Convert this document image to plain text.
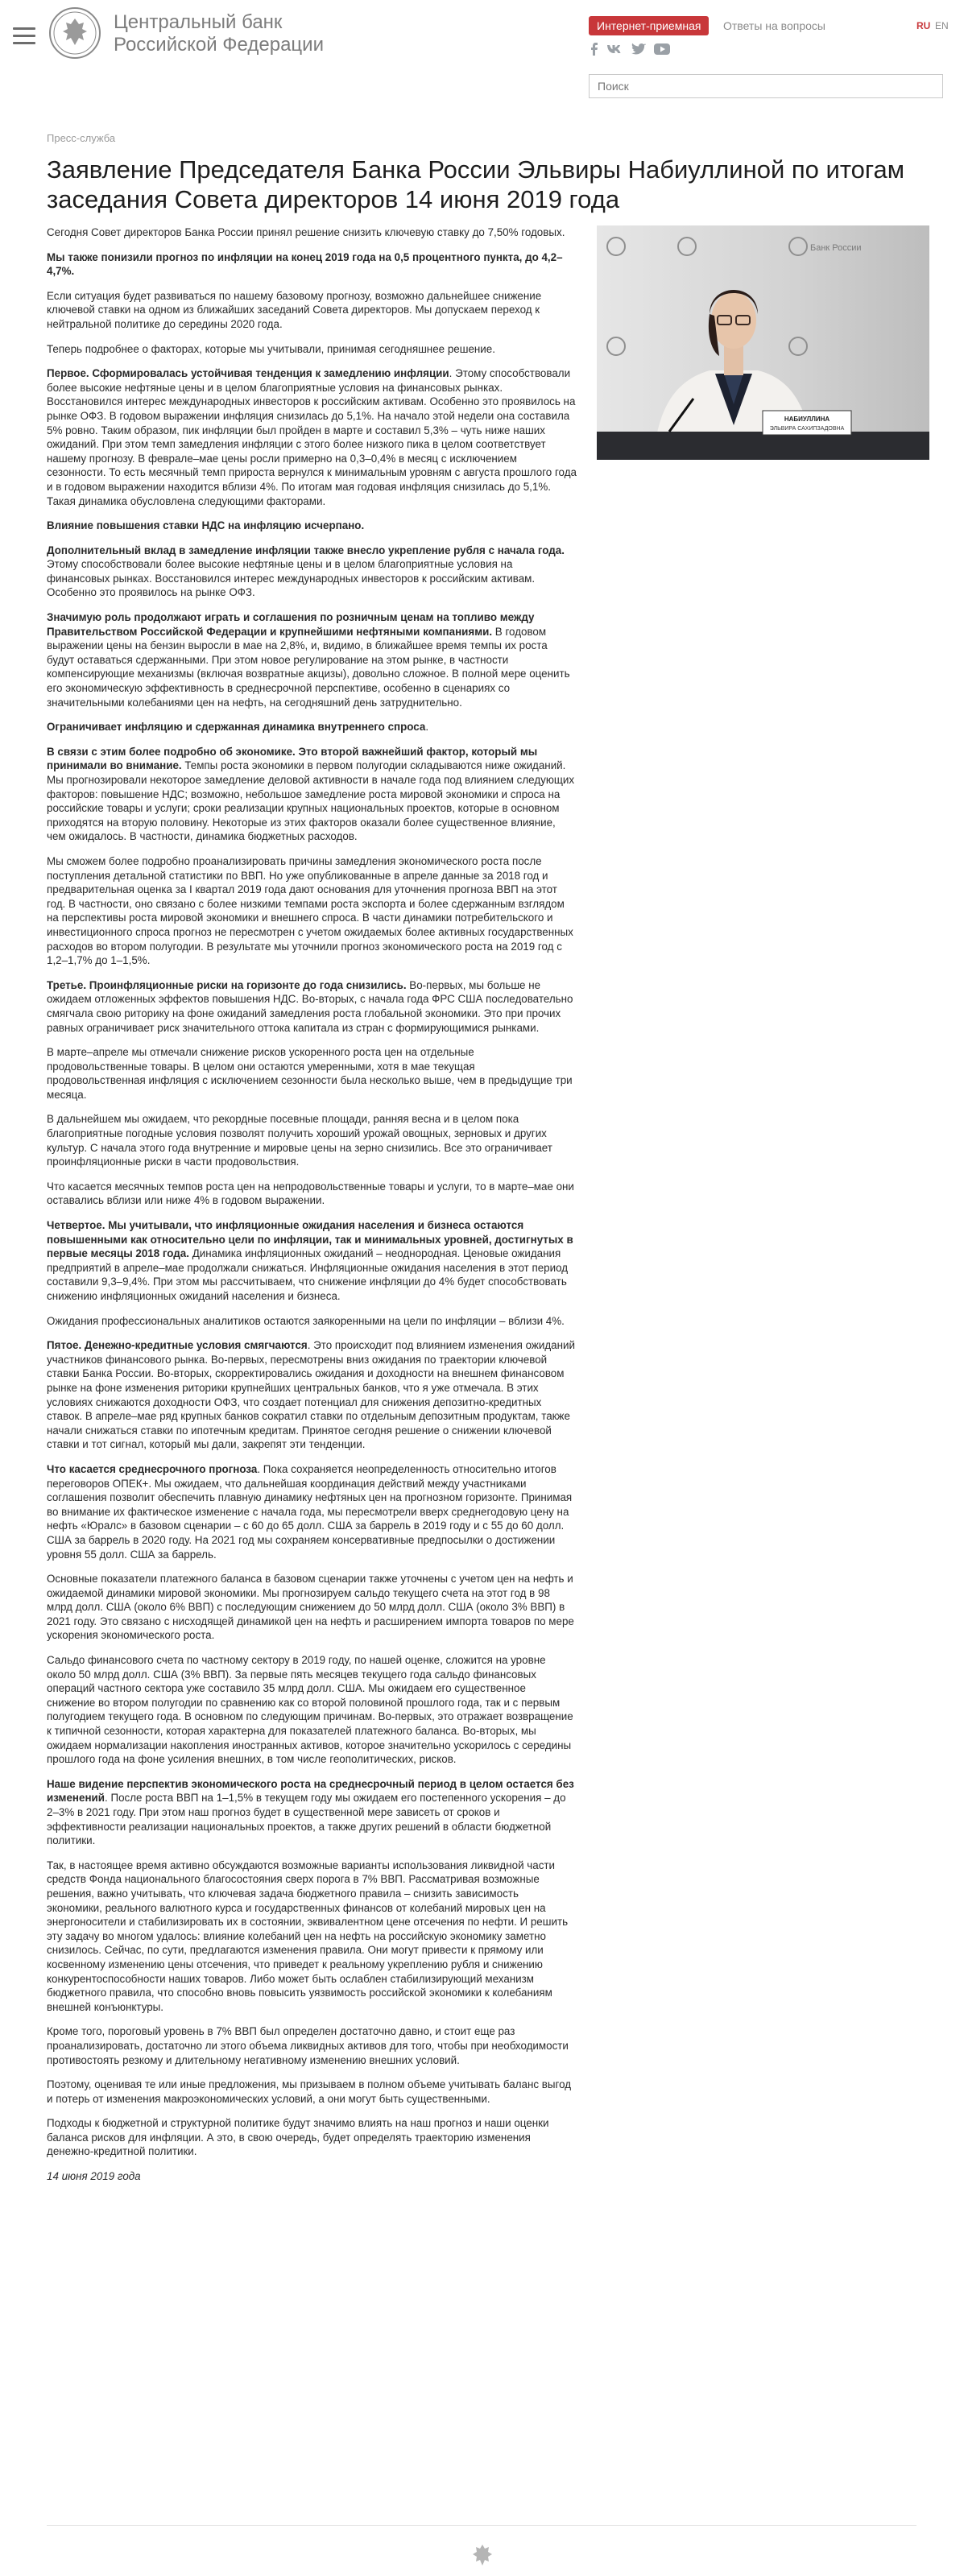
Центральный банк
Российской Федерации
Интернет-приемная	Ответы на вопросы	RU EN

Поиск
Пресс-служба
Заявление Председателя Банка России Эльвиры Набиуллиной по итогам заседания Совета директоров 14 июня 2019 года
Банк России
НАБИУЛЛИНА
ЭЛЬВИРА САХИПЗАДОВНА

Сегодня Совет директоров Банка России принял решение снизить ключевую ставку до 7,50% годовых.

Мы также понизили прогноз по инфляции на конец 2019 года на 0,5 процентного пункта, до 4,2–4,7%.

Если ситуация будет развиваться по нашему базовому прогнозу, возможно дальнейшее снижение ключевой ставки на одном из ближайших заседаний Совета директоров. Мы допускаем переход к нейтральной политике до середины 2020 года.

Теперь подробнее о факторах, которые мы учитывали, принимая сегодняшнее решение.

Первое. Сформировалась устойчивая тенденция к замедлению инфляции. Этому способствовали более высокие нефтяные цены и в целом благоприятные условия на финансовых рынках. Восстановился интерес международных инвесторов к российским активам. Особенно это проявилось на рынке ОФЗ. В годовом выражении инфляция снизилась до 5,1%. На начало этой недели она составила 5% ровно. Таким образом, пик инфляции был пройден в марте и составил 5,3% – чуть ниже наших ожиданий. При этом темп замедления инфляции с этого более низкого пика в целом соответствует нашему прогнозу. В феврале–мае цены росли примерно на 0,3–0,4% в месяц с исключением сезонности. То есть месячный темп прироста вернулся к минимальным уровням с августа прошлого года и в годовом выражении находится вблизи 4%. По итогам мая годовая инфляция снизилась до 5,1%. Такая динамика обусловлена следующими факторами.

Влияние повышения ставки НДС на инфляцию исчерпано.

Дополнительный вклад в замедление инфляции также внесло укрепление рубля с начала года. Этому способствовали более высокие нефтяные цены и в целом благоприятные условия на финансовых рынках. Восстановился интерес международных инвесторов к российским активам. Особенно это проявилось на рынке ОФЗ.

Значимую роль продолжают играть и соглашения по розничным ценам на топливо между Правительством Российской Федерации и крупнейшими нефтяными компаниями. В годовом выражении цены на бензин выросли в мае на 2,8%, и, видимо, в ближайшее время темпы их роста будут оставаться сдержанными. При этом новое регулирование на этом рынке, в частности компенсирующие механизмы (включая возвратные акцизы), довольно сложное. В полной мере оценить его экономическую эффективность в среднесрочной перспективе, особенно в сценариях со значительными колебаниями цен на нефть, на сегодняшний день затруднительно.

Ограничивает инфляцию и сдержанная динамика внутреннего спроса.

В связи с этим более подробно об экономике. Это второй важнейший фактор, который мы принимали во внимание. Темпы роста экономики в первом полугодии складываются ниже ожиданий. Мы прогнозировали некоторое замедление деловой активности в начале года под влиянием следующих факторов: повышение НДС; возможно, небольшое замедление роста мировой экономики и спроса на российские товары и услуги; сроки реализации крупных национальных проектов, которые в основном приходятся на вторую половину. Некоторые из этих факторов оказали более существенное влияние, чем ожидалось. В частности, динамика бюджетных расходов.

Мы сможем более подробно проанализировать причины замедления экономического роста после поступления детальной статистики по ВВП. Но уже опубликованные в апреле данные за 2018 год и предварительная оценка за I квартал 2019 года дают основания для уточнения прогноза ВВП на этот год. В частности, оно связано с более низкими темпами роста экспорта и более сдержанным взглядом на перспективы роста мировой экономики и внешнего спроса. В части динамики потребительского и инвестиционного спроса прогноз не пересмотрен с учетом ожидаемых более активных государственных расходов во втором полугодии. В результате мы уточнили прогноз экономического роста на 2019 год с 1,2–1,7% до 1–1,5%.

Третье. Проинфляционные риски на горизонте до года снизились. Во-первых, мы больше не ожидаем отложенных эффектов повышения НДС. Во-вторых, с начала года ФРС США последовательно смягчала свою риторику на фоне ожиданий замедления роста глобальной экономики. Это при прочих равных ограничивает риск значительного оттока капитала из стран с формирующимися рынками.

В марте–апреле мы отмечали снижение рисков ускоренного роста цен на отдельные продовольственные товары. В целом они остаются умеренными, хотя в мае текущая продовольственная инфляция с исключением сезонности была несколько выше, чем в предыдущие три месяца.

В дальнейшем мы ожидаем, что рекордные посевные площади, ранняя весна и в целом пока благоприятные погодные условия позволят получить хороший урожай овощных, зерновых и других культур. С начала этого года внутренние и мировые цены на зерно снизились. Все это ограничивает проинфляционные риски в части продовольствия.

Что касается месячных темпов роста цен на непродовольственные товары и услуги, то в марте–мае они оставались вблизи или ниже 4% в годовом выражении.

Четвертое. Мы учитывали, что инфляционные ожидания населения и бизнеса остаются повышенными как относительно цели по инфляции, так и минимальных уровней, достигнутых в первые месяцы 2018 года. Динамика инфляционных ожиданий – неоднородная. Ценовые ожидания предприятий в апреле–мае продолжали снижаться. Инфляционные ожидания населения в этот период составили 9,3–9,4%. При этом мы рассчитываем, что снижение инфляции до 4% будет способствовать снижению инфляционных ожиданий населения и бизнеса.

Ожидания профессиональных аналитиков остаются заякоренными на цели по инфляции – вблизи 4%.

Пятое. Денежно-кредитные условия смягчаются. Это происходит под влиянием изменения ожиданий участников финансового рынка. Во-первых, пересмотрены вниз ожидания по траектории ключевой ставки Банка России. Во-вторых, скорректировались ожидания и доходности на внешнем финансовом рынке на фоне изменения риторики крупнейших центральных банков, что я уже отмечала. В этих условиях снижаются доходности ОФЗ, что создает потенциал для снижения депозитно-кредитных ставок. В апреле–мае ряд крупных банков сократил ставки по отдельным депозитным продуктам, также начали снижаться ставки по ипотечным кредитам. Принятое сегодня решение о снижении ключевой ставки и тот сигнал, который мы дали, закрепят эти тенденции.

Что касается среднесрочного прогноза. Пока сохраняется неопределенность относительно итогов переговоров ОПЕК+. Мы ожидаем, что дальнейшая координация действий между участниками соглашения позволит обеспечить плавную динамику нефтяных цен на прогнозном горизонте. Принимая во внимание их фактическое изменение с начала года, мы пересмотрели вверх среднегодовую цену на нефть «Юралс» в базовом сценарии – с 60 до 65 долл. США за баррель в 2019 году и с 55 до 60 долл. США за баррель в 2020 году. На 2021 год мы сохраняем консервативные предпосылки о достижении уровня 55 долл. США за баррель.

Основные показатели платежного баланса в базовом сценарии также уточнены с учетом цен на нефть и ожидаемой динамики мировой экономики. Мы прогнозируем сальдо текущего счета на этот год в 98 млрд долл. США (около 6% ВВП) с последующим снижением до 50 млрд долл. США (около 3% ВВП) в 2021 году. Это связано с нисходящей динамикой цен на нефть и расширением импорта товаров по мере ускорения экономического роста.

Сальдо финансового счета по частному сектору в 2019 году, по нашей оценке, сложится на уровне около 50 млрд долл. США (3% ВВП). За первые пять месяцев текущего года сальдо финансовых операций частного сектора уже составило 35 млрд долл. США. Мы ожидаем его существенное снижение во втором полугодии по сравнению как со второй половиной прошлого года, так и с первым полугодием текущего года. В основном по следующим причинам. Во-первых, это отражает возвращение к типичной сезонности, которая характерна для показателей платежного баланса. Во-вторых, мы ожидаем нормализации накопления иностранных активов, которое значительно ускорилось с середины прошлого года на фоне усиления внешних, в том числе геополитических, рисков.

Наше видение перспектив экономического роста на среднесрочный период в целом остается без изменений. После роста ВВП на 1–1,5% в текущем году мы ожидаем его постепенного ускорения – до 2–3% в 2021 году. При этом наш прогноз будет в существенной мере зависеть от сроков и эффективности реализации национальных проектов, а также других решений в области бюджетной политики.

Так, в настоящее время активно обсуждаются возможные варианты использования ликвидной части средств Фонда национального благосостояния сверх порога в 7% ВВП. Рассматривая возможные решения, важно учитывать, что ключевая задача бюджетного правила – снизить зависимость экономики, реального валютного курса и государственных финансов от колебаний мировых цен на энергоносители и стабилизировать их в состоянии, эквивалентном цене отсечения по нефти. И решить эту задачу во многом удалось: влияние колебаний цен на нефть на российскую экономику заметно снизилось. Сейчас, по сути, предлагаются изменения правила. Они могут привести к прямому или косвенному изменению цены отсечения, что приведет к реальному укреплению рубля и снижению конкурентоспособности наших товаров. Либо может быть ослаблен стабилизирующий механизм бюджетного правила, что способно вновь повысить уязвимость российской экономики к колебаниям внешней конъюнктуры.

Кроме того, пороговый уровень в 7% ВВП был определен достаточно давно, и стоит еще раз проанализировать, достаточно ли этого объема ликвидных активов для того, чтобы при необходимости противостоять резкому и длительному негативному изменению внешних условий.

Поэтому, оценивая те или иные предложения, мы призываем в полном объеме учитывать баланс выгод и потерь от изменения макроэкономических условий, а они могут быть существенными.

Подходы к бюджетной и структурной политике будут значимо влиять на наш прогноз и наши оценки баланса рисков для инфляции. А это, в свою очередь, будет определять траекторию изменения денежно-кредитной политики.

14 июня 2019 года
